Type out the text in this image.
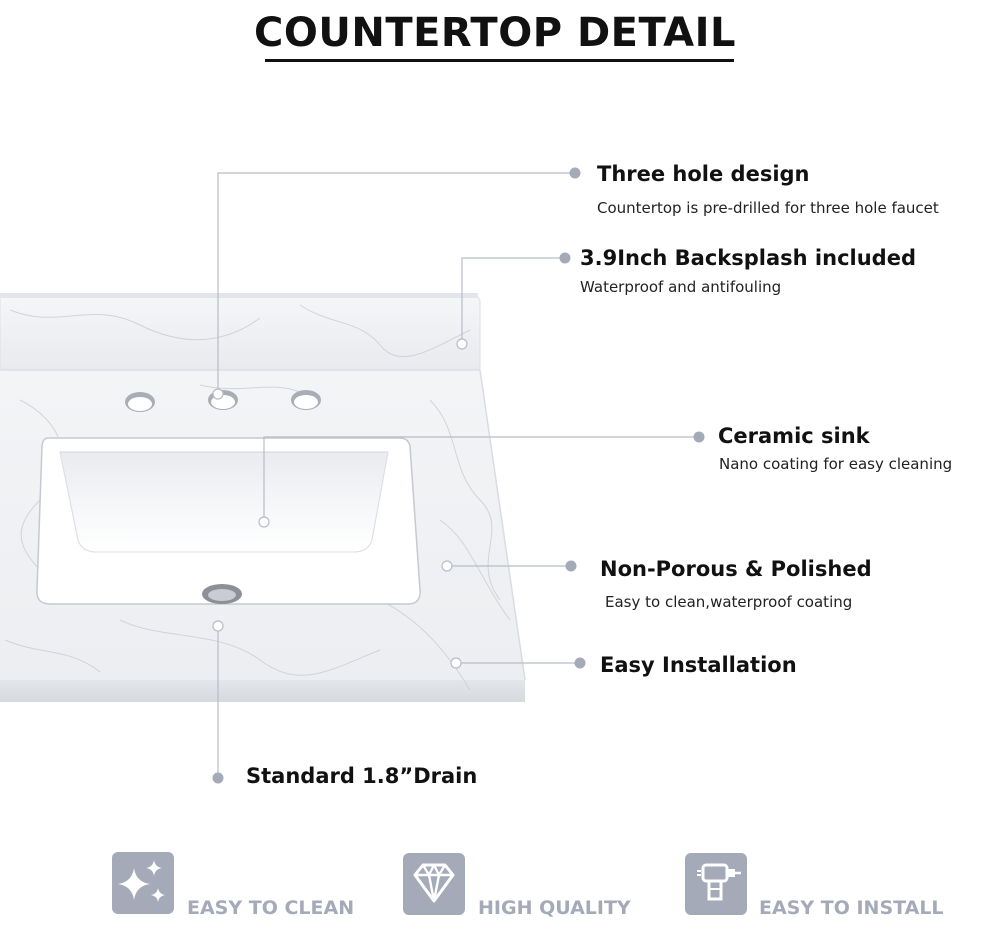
COUNTERTOP DETAIL
Three hole design
Countertop is pre-drilled for three hole faucet
3.9Inch Backsplash included
Waterproof and antifouling
Ceramic sink
Nano coating for easy cleaning
Non-Porous & Polished
Easy to clean,waterproof coating
Easy Installation
Standard 1.8”Drain
EASY TO CLEAN	HIGH QUALITY	EASY TO INSTALL
